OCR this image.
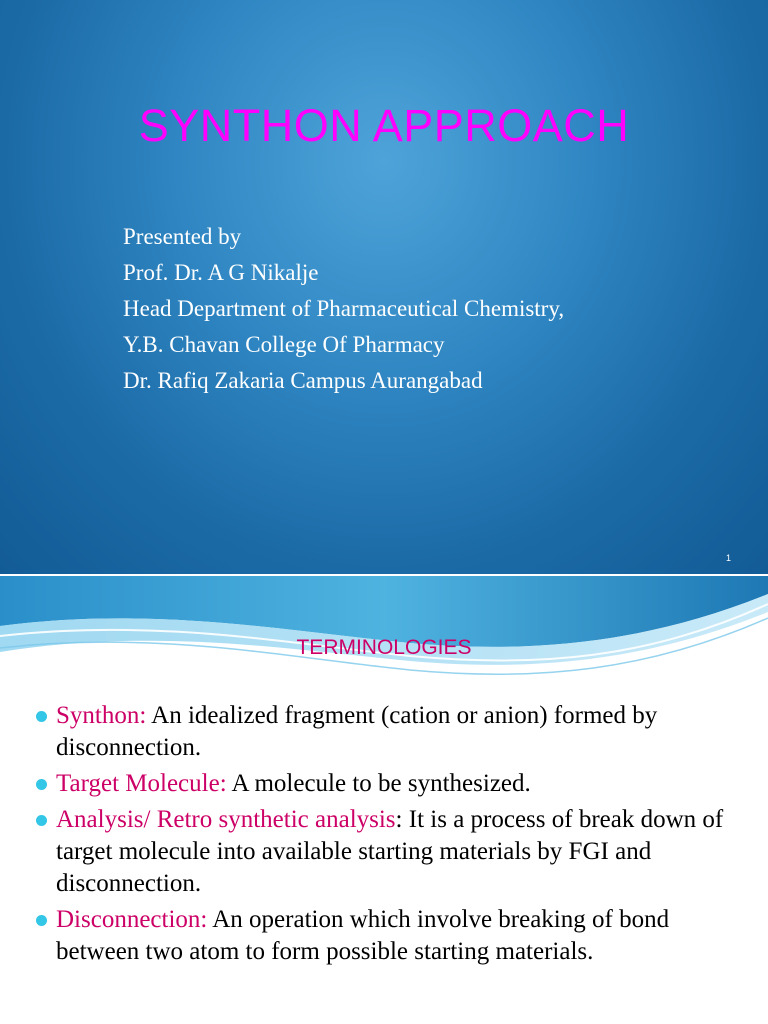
SYNTHON APPROACH
Presented by
Prof. Dr. A G Nikalje
Head Department of Pharmaceutical Chemistry,
Y.B. Chavan College Of Pharmacy
Dr. Rafiq Zakaria Campus Aurangabad
1
TERMINOLOGIES
Synthon: An idealized fragment (cation or anion) formed by disconnection.
Target Molecule: A molecule to be synthesized.
Analysis/ Retro synthetic analysis: It is a process of break down of target molecule into available starting materials by FGI and disconnection.
Disconnection: An operation which involve breaking of bond between two atom to form possible starting materials.
